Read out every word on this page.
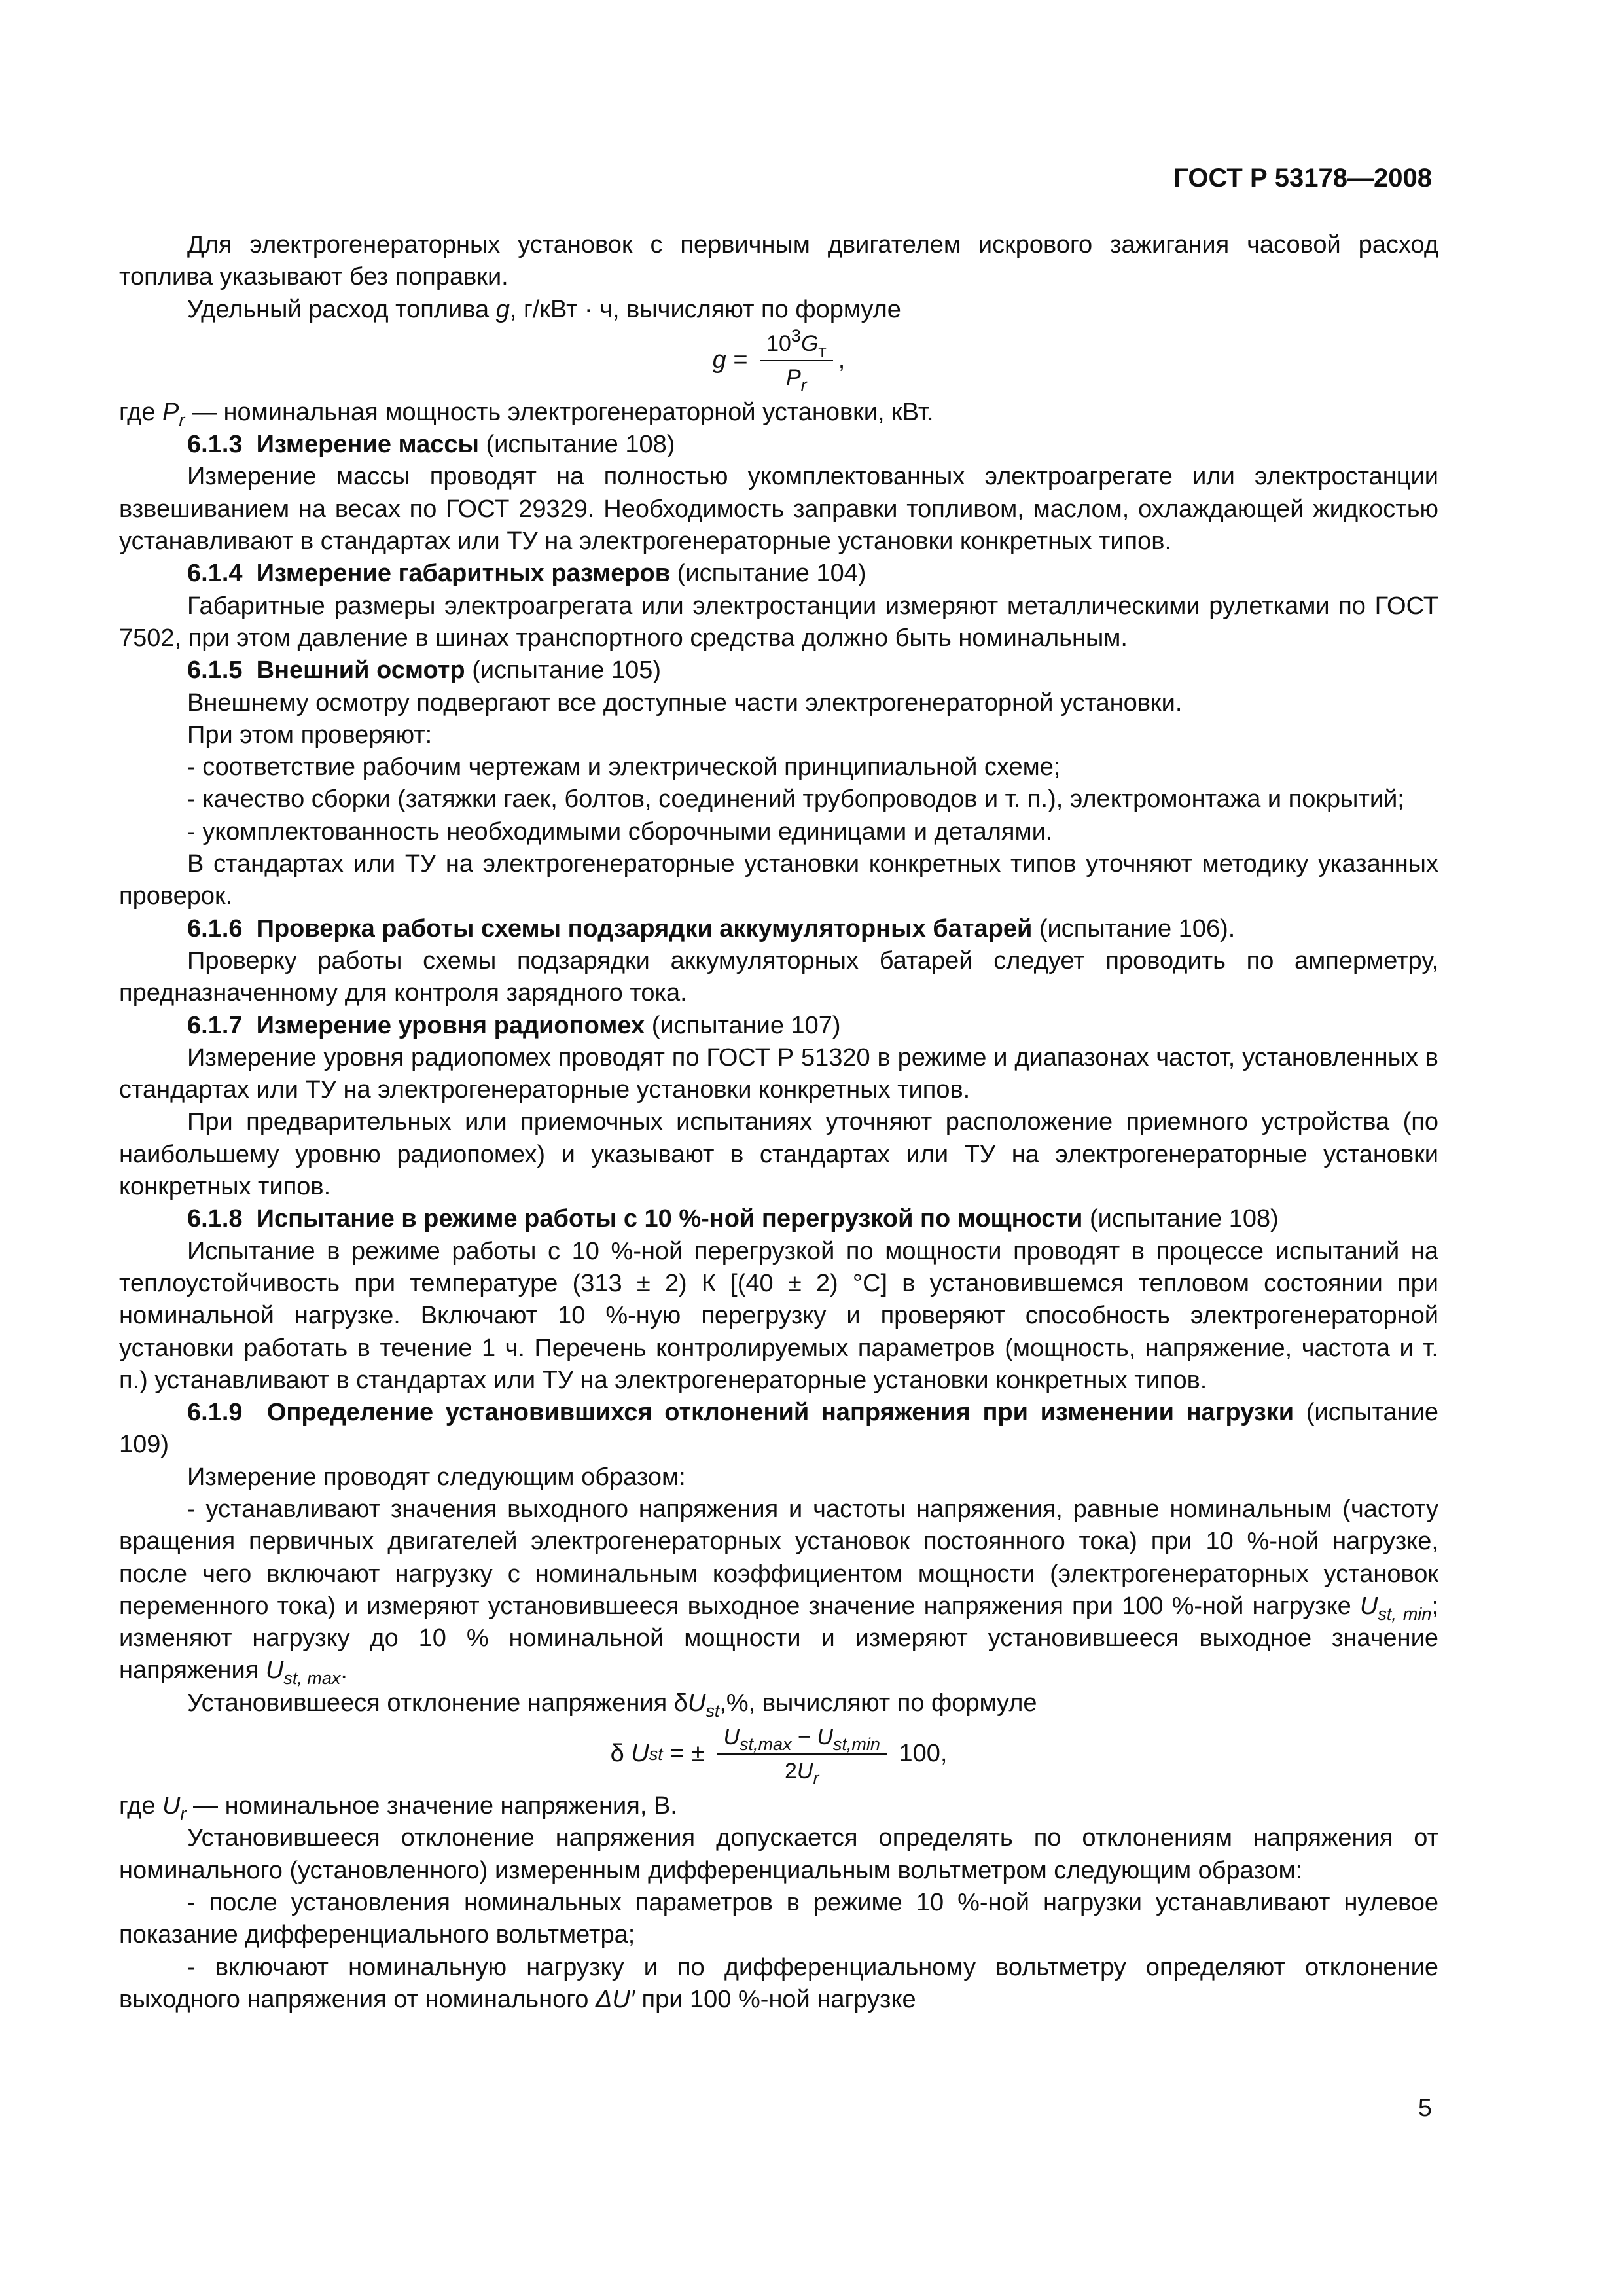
ГОСТ Р 53178—2008

Для электрогенераторных установок с первичным двигателем искрового зажигания часовой расход топлива указывают без поправки.

Удельный расход топлива g, г/кВт · ч, вычисляют по формуле

$g = \frac{10^3G_т}{P_r}$ ,

где $P_r$ — номинальная мощность электрогенераторной установки, кВт.

6.1.3 Измерение массы (испытание 108)

Измерение массы проводят на полностью укомплектованных электроагрегате или электростанции взвешиванием на весах по ГОСТ 29329. Необходимость заправки топливом, маслом, охлаждающей жидкостью устанавливают в стандартах или ТУ на электрогенераторные установки конкретных типов.

6.1.4 Измерение габаритных размеров (испытание 104)

Габаритные размеры электроагрегата или электростанции измеряют металлическими рулетками по ГОСТ 7502, при этом давление в шинах транспортного средства должно быть номинальным.

6.1.5 Внешний осмотр (испытание 105)

Внешнему осмотру подвергают все доступные части электрогенераторной установки.

При этом проверяют:

- соответствие рабочим чертежам и электрической принципиальной схеме;

- качество сборки (затяжки гаек, болтов, соединений трубопроводов и т. п.), электромонтажа и покрытий;

- укомплектованность необходимыми сборочными единицами и деталями.

В стандартах или ТУ на электрогенераторные установки конкретных типов уточняют методику указанных проверок.

6.1.6 Проверка работы схемы подзарядки аккумуляторных батарей (испытание 106).

Проверку работы схемы подзарядки аккумуляторных батарей следует проводить по амперметру, предназначенному для контроля зарядного тока.

6.1.7 Измерение уровня радиопомех (испытание 107)

Измерение уровня радиопомех проводят по ГОСТ Р 51320 в режиме и диапазонах частот, установленных в стандартах или ТУ на электрогенераторные установки конкретных типов.

При предварительных или приемочных испытаниях уточняют расположение приемного устройства (по наибольшему уровню радиопомех) и указывают в стандартах или ТУ на электрогенераторные установки конкретных типов.

6.1.8 Испытание в режиме работы с 10 %-ной перегрузкой по мощности (испытание 108)

Испытание в режиме работы с 10 %-ной перегрузкой по мощности проводят в процессе испытаний на теплоустойчивость при температуре (313 ± 2) К [(40 ± 2) °С] в установившемся тепловом состоянии при номинальной нагрузке. Включают 10 %-ную перегрузку и проверяют способность электрогенераторной установки работать в течение 1 ч. Перечень контролируемых параметров (мощность, напряжение, частота и т. п.) устанавливают в стандартах или ТУ на электрогенераторные установки конкретных типов.

6.1.9 Определение установившихся отклонений напряжения при изменении нагрузки (испытание 109)

Измерение проводят следующим образом:

- устанавливают значения выходного напряжения и частоты напряжения, равные номинальным (частоту вращения первичных двигателей электрогенераторных установок постоянного тока) при 10 %-ной нагрузке, после чего включают нагрузку с номинальным коэффициентом мощности (электрогенераторных установок переменного тока) и измеряют установившееся выходное значение напряжения при 100 %-ной нагрузке $U_{st, min}$; изменяют нагрузку до 10 % номинальной мощности и измеряют установившееся выходное значение напряжения $U_{st, max}$.

Установившееся отклонение напряжения $\delta U_{st},\%$, вычисляют по формуле

δ U st = ± $\frac{U_{st,max} - U_{st,min}}{2U_r} 100$,

где $U_r$ — номинальное значение напряжения, В.

Установившееся отклонение напряжения допускается определять по отклонениям напряжения от номинального (установленного) измеренным дифференциальным вольтметром следующим образом:

- после установления номинальных параметров в режиме 10 %-ной нагрузки устанавливают нулевое показание дифференциального вольтметра;

- включают номинальную нагрузку и по дифференциальному вольтметру определяют отклонение выходного напряжения от номинального ΔU′ при 100 %-ной нагрузке

5
